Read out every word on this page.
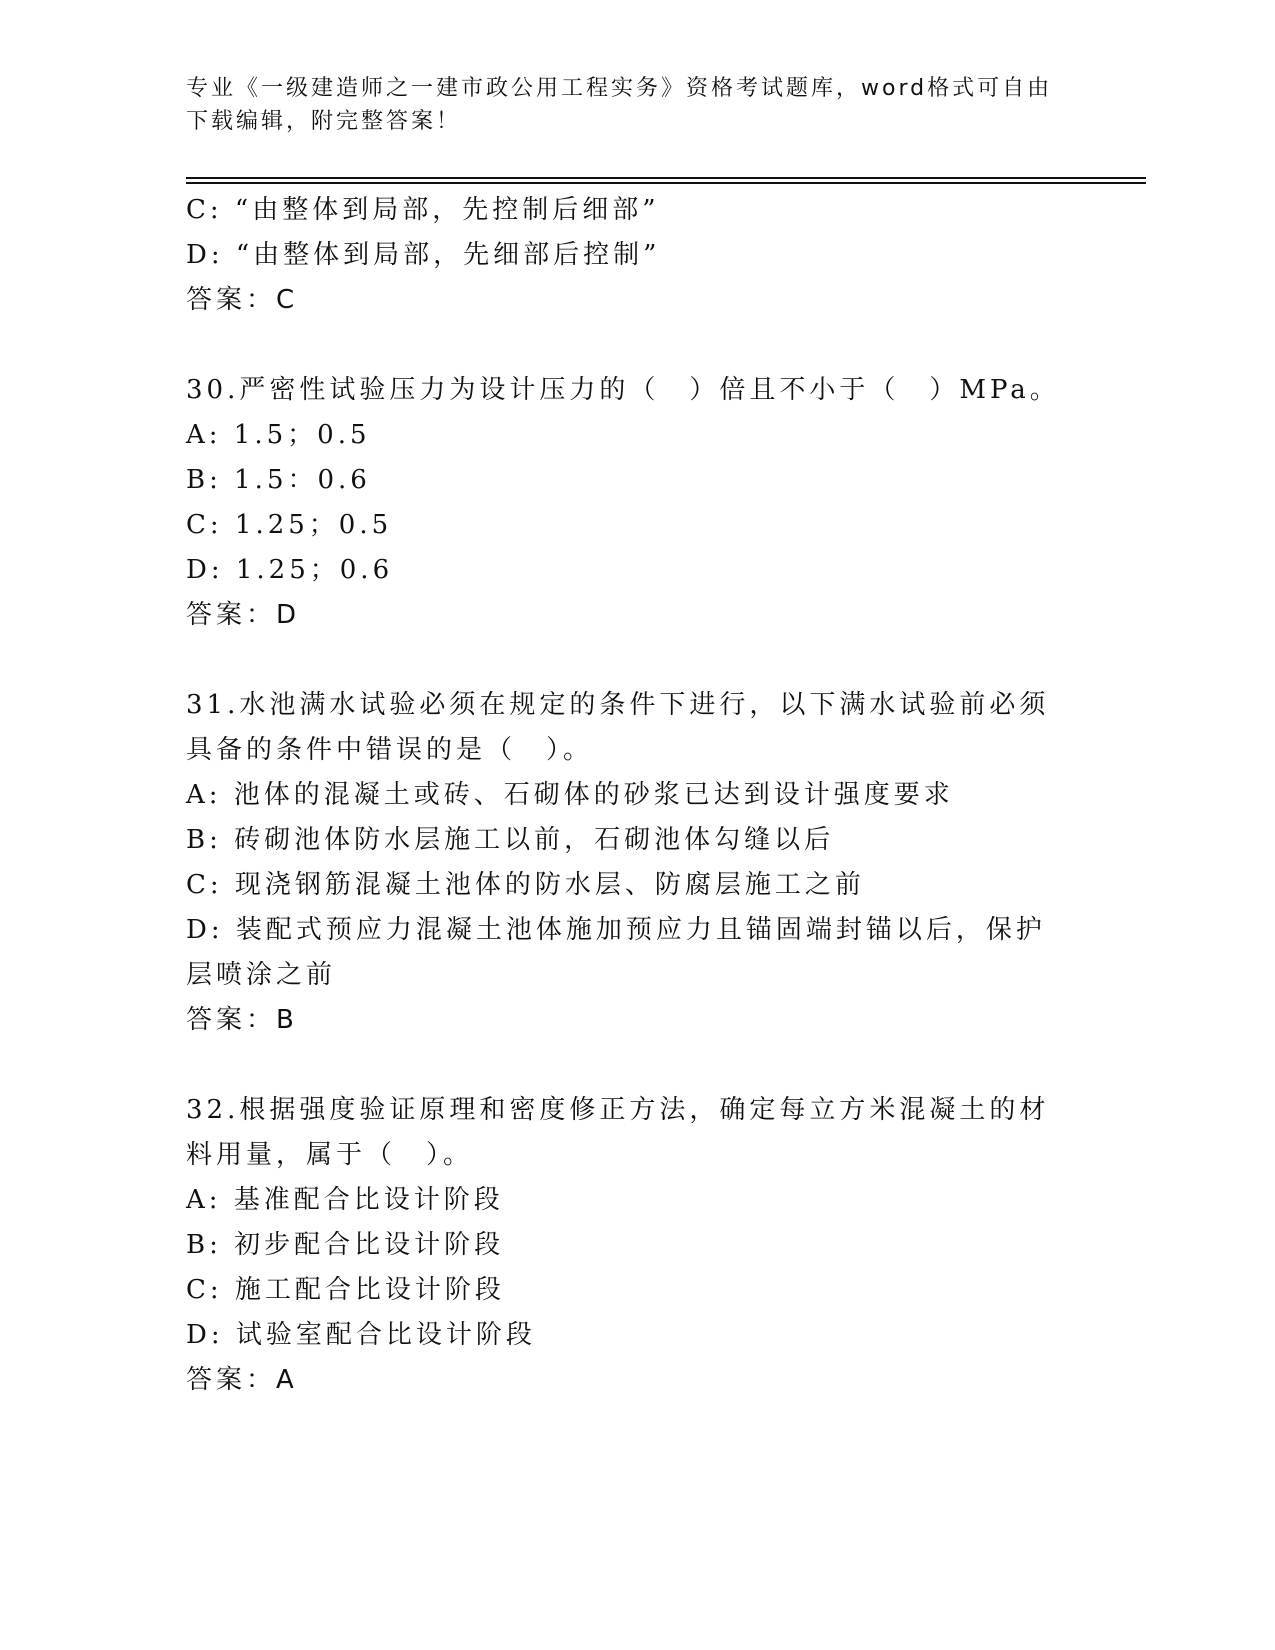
专业《一级建造师之一建市政公用工程实务》资格考试题库，word格式可自由下载编辑，附完整答案！
C: “由整体到局部，先控制后细部”
D: “由整体到局部，先细部后控制”
答案：C
30.严密性试验压力为设计压力的（　）倍且不小于（　）MPa。
A: 1.5；0.5
B: 1.5：0.6
C: 1.25；0.5
D: 1.25；0.6
答案：D
31.水池满水试验必须在规定的条件下进行，以下满水试验前必须具备的条件中错误的是（　）。
A: 池体的混凝土或砖、石砌体的砂浆已达到设计强度要求
B: 砖砌池体防水层施工以前，石砌池体勾缝以后
C: 现浇钢筋混凝土池体的防水层、防腐层施工之前
D: 装配式预应力混凝土池体施加预应力且锚固端封锚以后，保护层喷涂之前
答案：B
32.根据强度验证原理和密度修正方法，确定每立方米混凝土的材料用量，属于（　）。
A: 基准配合比设计阶段
B: 初步配合比设计阶段
C: 施工配合比设计阶段
D: 试验室配合比设计阶段
答案：A
